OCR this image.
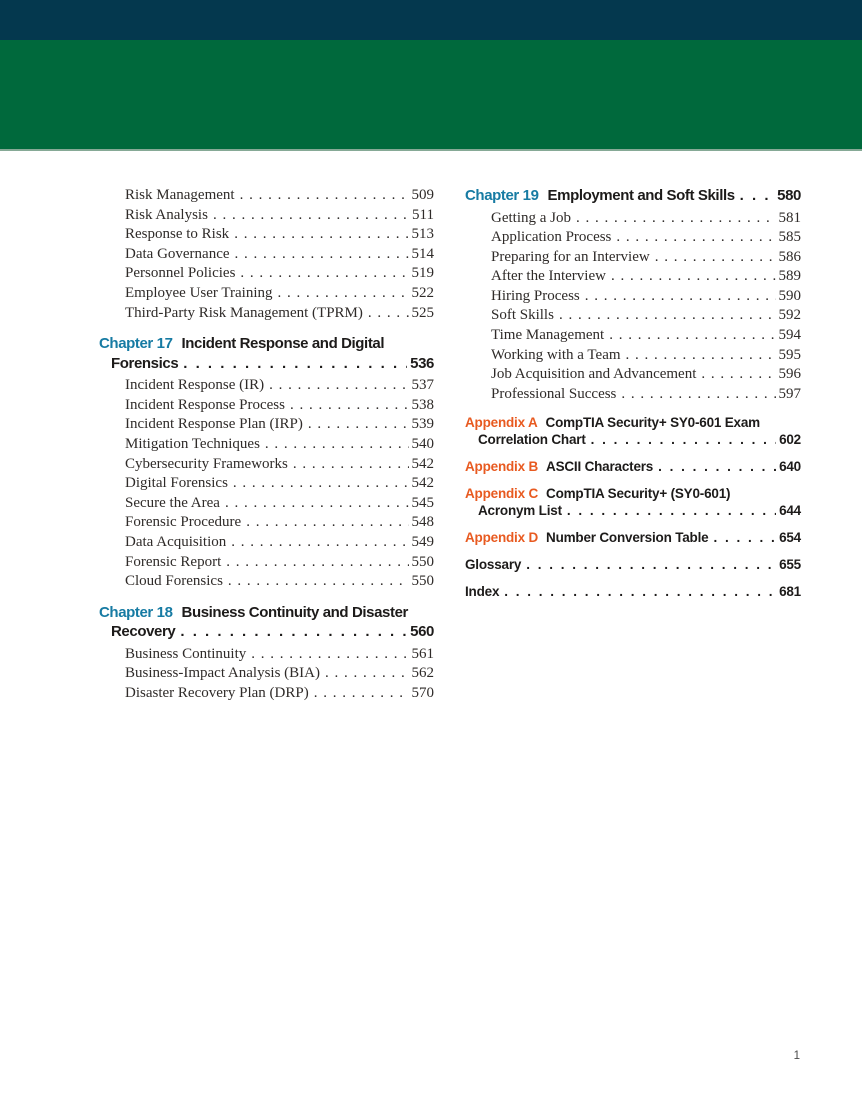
Risk Management . . .	509
Risk Analysis . . .	511
Response to Risk . . .	513
Data Governance . . .	514
Personnel Policies . . .	519
Employee User Training . . .	522
Third-Party Risk Management (TPRM) . . .	525
Chapter 17 Incident Response and Digital
Forensics . . .	536
Incident Response (IR) . . .	537
Incident Response Process . . .	538
Incident Response Plan (IRP) . . .	539
Mitigation Techniques . . .	540
Cybersecurity Frameworks . . .	542
Digital Forensics . . .	542
Secure the Area . . .	545
Forensic Procedure . . .	548
Data Acquisition . . .	549
Forensic Report . . .	550
Cloud Forensics . . .	550
Chapter 18 Business Continuity and Disaster
Recovery . . .	560
Business Continuity . . .	561
Business-Impact Analysis (BIA) . . .	562
Disaster Recovery Plan (DRP) . . .	570
Chapter 19 Employment and Soft Skills . . .	580
Getting a Job . . .	581
Application Process . . .	585
Preparing for an Interview . . .	586
After the Interview . . .	589
Hiring Process . . .	590
Soft Skills . . .	592
Time Management . . .	594
Working with a Team . . .	595
Job Acquisition and Advancement . . .	596
Professional Success . . .	597
Appendix A CompTIA Security+ SY0-601 Exam
Correlation Chart . . .	602
Appendix B ASCII Characters . . .	640
Appendix C CompTIA Security+ (SY0-601)
Acronym List . . .	644
Appendix D Number Conversion Table . . .	654
Glossary . . .	655
Index . . .	681
1
